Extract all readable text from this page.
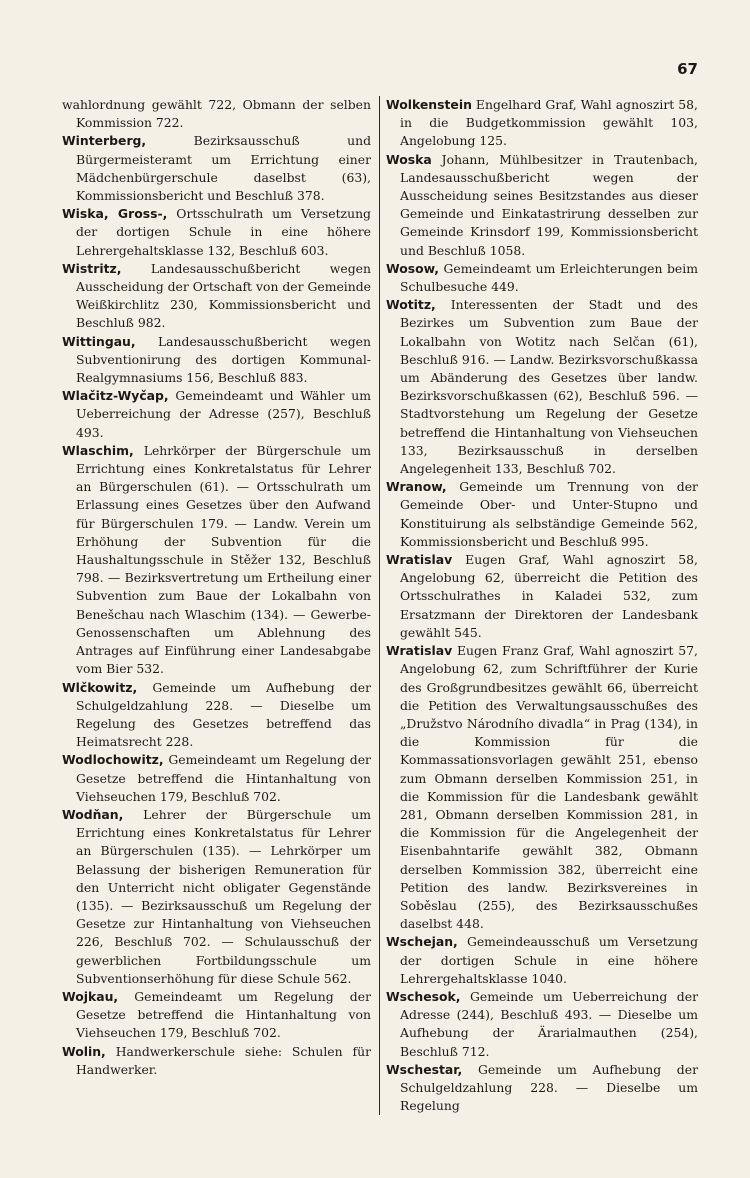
67

wahlordnung gewählt 722, Obmann der selben Kommission 722.

Winterberg,	Bezirksausschuß und Bürgermeisteramt um Errichtung einer Mädchenbürgerschule daselbst (63), Kommissionsbericht und Beschluß 378.

Wiska, Gross-, Ortsschulrath um Versetzung der dortigen Schule in eine höhere Lehrergehaltsklasse 132, Beschluß 603.

Wistritz, Landesausschußbericht wegen Ausscheidung der Ortschaft von der Gemeinde Weißkirchlitz 230, Kommissionsbericht und Beschluß 982.

Wittingau, Landesausschußbericht wegen Subventionirung des dortigen Kommunal-Realgymnasiums 156, Beschluß 883.

Wlačitz-Wyčap, Gemeindeamt und Wähler um Ueberreichung der Adresse (257), Beschluß 493.

Wlaschim, Lehrkörper der Bürgerschule um Errichtung eines Konkretalstatus für Lehrer an Bürgerschulen (61). — Ortsschulrath um Erlassung eines Gesetzes über den Aufwand für Bürgerschulen 179. — Landw. Verein um Erhöhung der Subvention für die Haushaltungsschule in Stěžer 132, Beschluß 798. — Bezirksvertretung um Ertheilung einer Subvention zum Baue der Lokalbahn von Benešchau nach Wlaschim (134). — Gewerbe-Genossenschaften um Ablehnung des Antrages auf Einführung einer Landesabgabe vom Bier 532.

Wlčkowitz, Gemeinde um Aufhebung der Schulgeldzahlung 228. — Dieselbe um Regelung des Gesetzes betreffend das Heimatsrecht 228.

Wodlochowitz, Gemeindeamt um Regelung der Gesetze betreffend die Hintanhaltung von Viehseuchen 179, Beschluß 702.

Wodňan, Lehrer der Bürgerschule um Errichtung eines Konkretalstatus für Lehrer an Bürgerschulen (135). — Lehrkörper um Belassung der bisherigen Remuneration für den Unterricht nicht obligater Gegenstände (135). — Bezirksausschuß um Regelung der Gesetze zur Hintanhaltung von Viehseuchen 226, Beschluß 702. — Schulausschuß der gewerblichen Fortbildungsschule um Subventionserhöhung für diese Schule 562.

Wojkau, Gemeindeamt um Regelung der Gesetze betreffend die Hintanhaltung von Viehseuchen 179, Beschluß 702.

Wolin, Handwerkerschule siehe: Schulen für Handwerker.

Wolkenstein Engelhard Graf, Wahl agnoszirt 58, in die Budgetkommission gewählt 103, Angelobung 125.

Woska Johann, Mühlbesitzer in Trautenbach, Landesausschußbericht wegen der Ausscheidung seines Besitzstandes aus dieser Gemeinde und Einkatastrirung desselben zur Gemeinde Krinsdorf 199, Kommissionsbericht und Beschluß 1058.

Wosow, Gemeindeamt um Erleichterungen beim Schulbesuche 449.

Wotitz, Interessenten der Stadt und des Bezirkes um Subvention zum Baue der Lokalbahn von Wotitz nach Selčan (61), Beschluß 916. — Landw. Bezirksvorschußkassa um Abänderung des Gesetzes über landw. Bezirksvorschußkassen (62), Beschluß 596. — Stadtvorstehung um Regelung der Gesetze betreffend die Hintanhaltung von Viehseuchen 133, Bezirksausschuß in derselben Angelegenheit 133, Beschluß 702.

Wranow, Gemeinde um Trennung von der Gemeinde Ober- und Unter-Stupno und Konstituirung als selbständige Gemeinde 562, Kommissionsbericht und Beschluß 995.

Wratislav Eugen Graf, Wahl agnoszirt 58, Angelobung 62, überreicht die Petition des Ortsschulrathes in Kaladei 532, zum Ersatzmann der Direktoren der Landesbank gewählt 545.

Wratislav Eugen Franz Graf, Wahl agnoszirt 57, Angelobung 62, zum Schriftführer der Kurie des Großgrundbesitzes gewählt 66, überreicht die Petition des Verwaltungsausschußes des „Družstvo Národního divadla“ in Prag (134), in die Kommission für die Kommassationsvorlagen gewählt 251, ebenso zum Obmann derselben Kommission 251, in die Kommission für die Landesbank gewählt 281, Obmann derselben Kommission 281, in die Kommission für die Angelegenheit der Eisenbahntarife gewählt 382, Obmann derselben Kommission 382, überreicht eine Petition des landw. Bezirksvereines in Soběslau (255), des Bezirksausschußes daselbst 448.

Wschejan, Gemeindeausschuß um Versetzung der dortigen Schule in eine höhere Lehrergehaltsklasse 1040.

Wschesok, Gemeinde um Ueberreichung der Adresse (244), Beschluß 493. — Dieselbe um Aufhebung der Ärarialmauthen (254), Beschluß 712.

Wschestar, Gemeinde um Aufhebung der Schulgeldzahlung 228. — Dieselbe um Regelung
